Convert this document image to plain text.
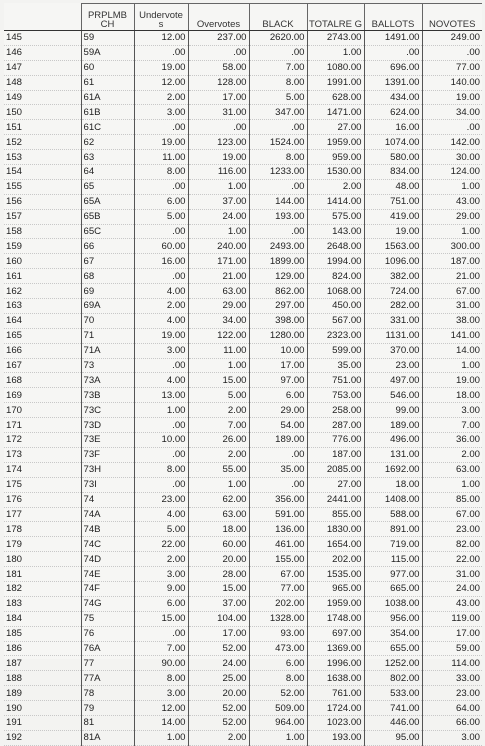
	PRPLMB CH	Undervote s	Overvotes	BLACK	TOTALRE G	BALLOTS	NOVOTES
145	59	12.00	237.00	2620.00	2743.00	1491.00	249.00
146	59A	.00	.00	.00	1.00	.00	.00
147	60	19.00	58.00	7.00	1080.00	696.00	77.00
148	61	12.00	128.00	8.00	1991.00	1391.00	140.00
149	61A	2.00	17.00	5.00	628.00	434.00	19.00
150	61B	3.00	31.00	347.00	1471.00	624.00	34.00
151	61C	.00	.00	.00	27.00	16.00	.00
152	62	19.00	123.00	1524.00	1959.00	1074.00	142.00
153	63	11.00	19.00	8.00	959.00	580.00	30.00
154	64	8.00	116.00	1233.00	1530.00	834.00	124.00
155	65	.00	1.00	.00	2.00	48.00	1.00
156	65A	6.00	37.00	144.00	1414.00	751.00	43.00
157	65B	5.00	24.00	193.00	575.00	419.00	29.00
158	65C	.00	1.00	.00	143.00	19.00	1.00
159	66	60.00	240.00	2493.00	2648.00	1563.00	300.00
160	67	16.00	171.00	1899.00	1994.00	1096.00	187.00
161	68	.00	21.00	129.00	824.00	382.00	21.00
162	69	4.00	63.00	862.00	1068.00	724.00	67.00
163	69A	2.00	29.00	297.00	450.00	282.00	31.00
164	70	4.00	34.00	398.00	567.00	331.00	38.00
165	71	19.00	122.00	1280.00	2323.00	1131.00	141.00
166	71A	3.00	11.00	10.00	599.00	370.00	14.00
167	73	.00	1.00	17.00	35.00	23.00	1.00
168	73A	4.00	15.00	97.00	751.00	497.00	19.00
169	73B	13.00	5.00	6.00	753.00	546.00	18.00
170	73C	1.00	2.00	29.00	258.00	99.00	3.00
171	73D	.00	7.00	54.00	287.00	189.00	7.00
172	73E	10.00	26.00	189.00	776.00	496.00	36.00
173	73F	.00	2.00	.00	187.00	131.00	2.00
174	73H	8.00	55.00	35.00	2085.00	1692.00	63.00
175	73I	.00	1.00	.00	27.00	18.00	1.00
176	74	23.00	62.00	356.00	2441.00	1408.00	85.00
177	74A	4.00	63.00	591.00	855.00	588.00	67.00
178	74B	5.00	18.00	136.00	1830.00	891.00	23.00
179	74C	22.00	60.00	461.00	1654.00	719.00	82.00
180	74D	2.00	20.00	155.00	202.00	115.00	22.00
181	74E	3.00	28.00	67.00	1535.00	977.00	31.00
182	74F	9.00	15.00	77.00	965.00	665.00	24.00
183	74G	6.00	37.00	202.00	1959.00	1038.00	43.00
184	75	15.00	104.00	1328.00	1748.00	956.00	119.00
185	76	.00	17.00	93.00	697.00	354.00	17.00
186	76A	7.00	52.00	473.00	1369.00	655.00	59.00
187	77	90.00	24.00	6.00	1996.00	1252.00	114.00
188	77A	8.00	25.00	8.00	1638.00	802.00	33.00
189	78	3.00	20.00	52.00	761.00	533.00	23.00
190	79	12.00	52.00	509.00	1724.00	741.00	64.00
191	81	14.00	52.00	964.00	1023.00	446.00	66.00
192	81A	1.00	2.00	1.00	193.00	95.00	3.00
